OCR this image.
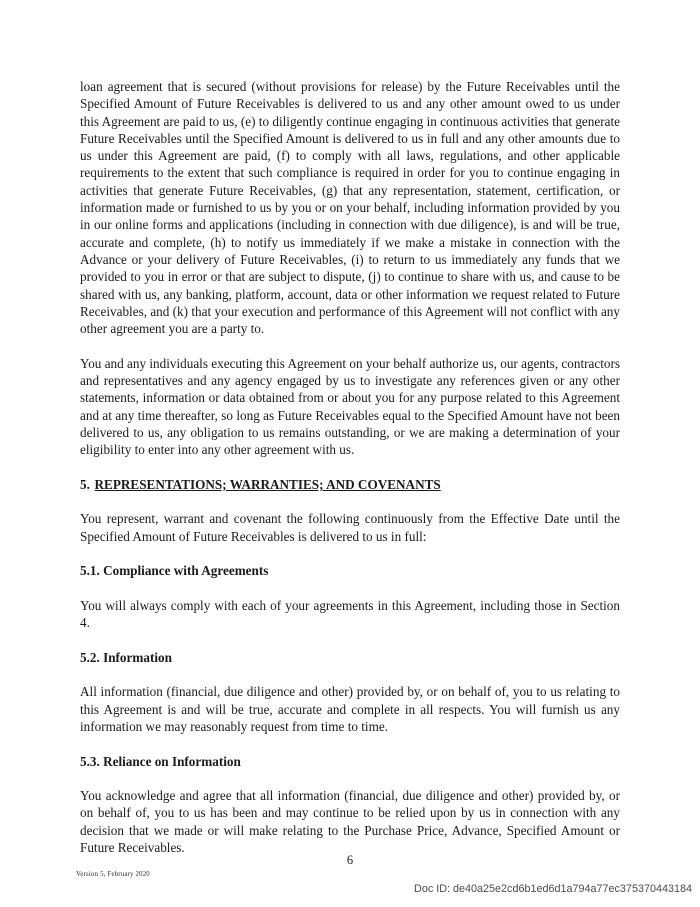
loan agreement that is secured (without provisions for release) by the Future Receivables until the Specified Amount of Future Receivables is delivered to us and any other amount owed to us under this Agreement are paid to us, (e) to diligently continue engaging in continuous activities that generate Future Receivables until the Specified Amount is delivered to us in full and any other amounts due to us under this Agreement are paid, (f) to comply with all laws, regulations, and other applicable requirements to the extent that such compliance is required in order for you to continue engaging in activities that generate Future Receivables, (g) that any representation, statement, certification, or information made or furnished to us by you or on your behalf, including information provided by you in our online forms and applications (including in connection with due diligence), is and will be true, accurate and complete, (h) to notify us immediately if we make a mistake in connection with the Advance or your delivery of Future Receivables, (i) to return to us immediately any funds that we provided to you in error or that are subject to dispute, (j) to continue to share with us, and cause to be shared with us, any banking, platform, account, data or other information we request related to Future Receivables, and (k) that your execution and performance of this Agreement will not conflict with any other agreement you are a party to.

You and any individuals executing this Agreement on your behalf authorize us, our agents, contractors and representatives and any agency engaged by us to investigate any references given or any other statements, information or data obtained from or about you for any purpose related to this Agreement and at any time thereafter, so long as Future Receivables equal to the Specified Amount have not been delivered to us, any obligation to us remains outstanding, or we are making a determination of your eligibility to enter into any other agreement with us.

5. REPRESENTATIONS; WARRANTIES; AND COVENANTS

You represent, warrant and covenant the following continuously from the Effective Date until the Specified Amount of Future Receivables is delivered to us in full:

5.1. Compliance with Agreements

You will always comply with each of your agreements in this Agreement, including those in Section 4.

5.2. Information

All information (financial, due diligence and other) provided by, or on behalf of, you to us relating to this Agreement is and will be true, accurate and complete in all respects. You will furnish us any information we may reasonably request from time to time.

5.3. Reliance on Information

You acknowledge and agree that all information (financial, due diligence and other) provided by, or on behalf of, you to us has been and may continue to be relied upon by us in connection with any decision that we made or will make relating to the Purchase Price, Advance, Specified Amount or Future Receivables.

6
Version 5, February 2020
Doc ID: de40a25e2cd6b1ed6d1a794a77ec375370443184
